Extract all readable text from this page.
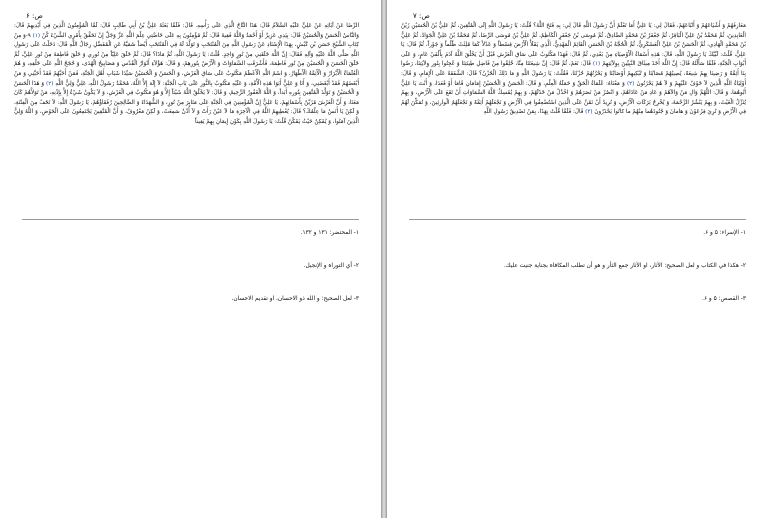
ص: ۶

الرِّضَا عَنْ آبَائِهِ عَنْ عَلِيٍّ عَلَيْهِ السَّلاَمُ قَالَ: هَذَا التَّاجُ الَّذِي عَلَى رَأْسِهِ. قَالَ: فَلَمَّا بَعَثَهُ عَلِيُّ بْنُ أَبِي طَالِبٍ قَالَ: لَمَّا الْمُؤْمِنُونَ الَّذِينَ فِي أَيْدِيهِمْ قَالَ: وَالنَّاسُ الْحَسَنُ وَالْحُسَيْنُ قَالَ: بِيَدِي عَزِيزٌ أَوْ أَحْمَدُ وَاللَّهُ فَقِيهٌ قَالَ: ثُمَّ مُؤْمِنُونَ بِهِ عَلَى خَاصَّتِي عِلْمَ اللَّهِ عَزَّ وَجَلَّ إِنْ تَحَقَّقْ بِأَمْرِي الشَّيْءَ كُنْ (۱) ۹-وَ مِنْ كِتَابِ الشَّيْخِ حَسَنِ بْنِ كَبْشٍ، بِهَذَا الْإِسْنَادِ عَنْ رَسُولِ اللَّهِ مِنَ الْمُنْتَخَبِ وَ تَوَلَّدَ لَهُ فِي الْمُنْتَخَبِ أَيْضاً سُمَيَّةُ عَنِ الْمُفَضَّلِ رِجَالُ اللَّهِ قَالَ: دَخَلْتُ عَلَى رَسُولِ اللَّهِ صَلَّى اللَّهُ عَلَيْهِ وَآلِهِ فَقَالَ: إِنَّ اللَّهَ خَلَقَنِي مِنْ نُورٍ وَاحِدٍ. قُلْتُ: يَا رَسُولَ اللَّهِ، ثُمَّ مَاذَا؟ قَالَ: ثُمَّ خَلَقَ عَلِيّاً مِنْ نُورِي وَ خَلَقَ فَاطِمَةَ مِنْ نُورِ عَلِيٍّ، ثُمَّ خَلَقَ الْحَسَنَ وَ الْحُسَيْنَ مِنْ نُورِ فَاطِمَةَ، فَأَشْرَقَتِ السَّمَاوَاتُ وَ الْأَرْضُ بِنُورِهِمْ، وَ قَالَ: هَؤُلاَءِ أَنْوَارُ الْقُدْسِ وَ مَصَابِيحُ الْهُدَى، وَ حُجَجُ اللَّهِ عَلَى خَلْقِهِ، وَ هُمُ الْعُلَمَاءُ الْأَبْرَارُ وَ الْأَئِمَّةُ الْأَطْهَارُ، وَ اسْمُ اللَّهِ الْأَعْظَمُ مَكْتُوبٌ عَلَى سَاقِ الْعَرْشِ، وَ الْحَسَنُ وَ الْحُسَيْنُ سَيِّدَا شَبَابِ أَهْلِ الْجَنَّةِ، فَمَنْ أَحَبَّهُمْ فَقَدْ أَحَبَّنِي وَ مَنْ أَبْغَضَهُمْ فَقَدْ أَبْغَضَنِي، وَ أَنَا وَ عَلِيٌّ أَبَوَا هَذِهِ الْأُمَّةِ، وَ عَلَيْهِ مَكْتُوبٌ بِالنُّورِ عَلَى بَابِ الْجَنَّةِ: لاَ إِلَهَ إِلاَّ اللَّهُ، مُحَمَّدٌ رَسُولُ اللَّهِ، عَلِيٌّ وَلِيُّ اللَّهِ (۲) وَ هَذَا الْحَسَنُ وَ الْحُسَيْنُ وَ تَوَلَّدَ الْمُتَّقِينَ بِنُورِهِ أَبَداً، وَ اللَّهُ الْغَفُورُ الرَّحِيمُ، وَ قَالَ: لاَ يَخْلُقُ اللَّهُ شَيْئاً إِلاَّ وَ هُوَ مَكْتُوبٌ فِي الْعَرْشِ، وَ لاَ يَكُونُ شَيْءٌ إِلاَّ بِإِذْنِهِ، مَنْ تَوَلاَّهُمْ كَانَ مَعَنَا، وَ أَنَّ الْعَرْشَ مُزَيَّنٌ بِأَسْمَائِهِمْ، يَا عَلِيُّ إِنَّ الْمُؤْمِنِينَ فِي الْجَنَّةِ عَلَى مَنَابِرَ مِنْ نُورٍ، وَ الشُّهَدَاءَ وَ الصَّالِحِينَ رُفَقَاؤُهُمْ، يَا رَسُولَ اللَّهِ: لاَ تَخَفْ مِنَ الْفِتْنَةِ، وَ لَكِنْ يَا أَنَسُ مَا عِلْمُكَ؟ قَالَ: يُعْطِيهِمُ اللَّهُ فِي الْآخِرَةِ مَا لاَ عَيْنٌ رَأَتْ وَ لاَ أُذُنٌ سَمِعَتْ، وَ لَكِنْ مَعْرُوفٌ، وَ أَنَّ الْمُتَّقِينَ يَجْتَمِعُونَ عَلَى الْحَوْضِ، وَ اللَّهُ وَلِيُّ الَّذِينَ آمَنُوا، وَ يُمْكِنُ حَيْثُ يَمْكُنُ قُلْتُ: يَا رَسُولَ اللَّهِ بِكَوْنِ إِيمَانِ بِهِمْ يَقِيناً

۱- المحتضر: ۱۳۱ و ۱۳۲.
۲- أي التوراة و الإنجيل.
۳- لعل الصحيح: و الله ذو الاحسان، او تقديم الاحسان.
ص: ۷

مَعَارِفَهُمْ وَ أَشْيَاعَهُمْ وَ أَتْبَاعَهُمْ، فَقَالَ لِي: يَا عَلِيُّ أَمَا تَعْلَمُ أَنَّ رَسُولَ اللَّهِ قَالَ لِي: بِهِ فَتَحَ اللَّهُ؟ قُلْتُ: يَا رَسُولَ اللَّهِ إِلَى الْمُتَّقِينَ، ثُمَّ عَلِيُّ بْنُ الْحُسَيْنِ زَيْنُ الْعَابِدِينَ، ثُمَّ مُحَمَّدُ بْنُ عَلِيٍّ الْبَاقِرُ، ثُمَّ جَعْفَرُ بْنُ مُحَمَّدٍ الصَّادِقُ، ثُمَّ مُوسَى بْنُ جَعْفَرٍ الْكَاظِمُ، ثُمَّ عَلِيُّ بْنُ مُوسَى الرِّضَا، ثُمَّ مُحَمَّدُ بْنُ عَلِيٍّ الْجَوَادُ، ثُمَّ عَلِيُّ بْنُ مُحَمَّدٍ الْهَادِي، ثُمَّ الْحَسَنُ بْنُ عَلِيٍّ الْعَسْكَرِيُّ، ثُمَّ الْحُجَّةُ بْنُ الْحَسَنِ الْقَائِمُ الْمَهْدِيُّ، الَّذِي يَمْلَأُ الْأَرْضَ قِسْطاً وَ عَدْلاً كَمَا مُلِئَتْ ظُلْماً وَ جَوْراً، ثُمَّ قَالَ: يَا عَلِيُّ، قُلْتُ: لَبَّيْكَ يَا رَسُولَ اللَّهِ، قَالَ: هَذِهِ أَسْمَاءُ الْأَوْصِيَاءِ مِنْ بَعْدِي، ثُمَّ قَالَ: فَهَذَا مَكْتُوبٌ عَلَى سَاقِ الْعَرْشِ قَبْلَ أَنْ يَخْلُقَ اللَّهُ آدَمَ بِأَلْفَيْ عَامٍ، وَ عَلَى أَبْوَابِ الْجَنَّةِ، فَلَمَّا سَأَلْتُهُ قَالَ: إِنَّ اللَّهَ أَخَذَ مِيثَاقَ النَّبِيِّينَ بِوِلاَيَتِهِمْ (۱) قَالَ: نَعَمْ، ثُمَّ قَالَ: إِنَّ شِيعَتَنَا مِنَّا، خُلِقُوا مِنْ فَاضِلِ طِينَتِنَا وَ عُجِنُوا بِنُورِ وِلاَيَتِنَا، رَضُوا بِنَا أَئِمَّةً وَ رَضِينَا بِهِمْ شِيعَةً، يُصِيبُهُمْ مُصَابُنَا وَ تُبْكِيهِمْ أَوْصَابُنَا وَ يَحْزُنُهُمْ حُزْنُنَا، فَقُلْتُ: يَا رَسُولَ اللَّهِ وَ مَا ذَلِكَ الْحُزْنُ؟ قَالَ: الشَّفَقَةُ عَلَى الْإِمَامِ، وَ قَالَ: أَوْلِيَاءُ اللَّهِ الَّذِينَ لاَ خَوْفٌ عَلَيْهِمْ وَ لاَ هُمْ يَحْزَنُونَ (۲) وَ مَعْنَاهُ: عُلَمَاءُ الْحَقِّ وَ حَمَلَةُ الْعِلْمِ، وَ قَالَ: الْحَسَنُ وَ الْحُسَيْنُ إِمَامَانِ قَامَا أَوْ قَعَدَا، وَ أَنْتَ يَا عَلِيُّ أَبُوهُمَا، وَ قَالَ: اللَّهُمَّ وَالِ مَنْ وَالاَهُمْ وَ عَادِ مَنْ عَادَاهُمْ، وَ انْصُرْ مَنْ نَصَرَهُمْ وَ اخْذُلْ مَنْ خَذَلَهُمْ، وَ بِهِمْ يُمْسِكُ اللَّهُ السَّمَاوَاتِ أَنْ تَقَعَ عَلَى الْأَرْضِ، وَ بِهِمْ يُنَزِّلُ الْغَيْثَ، وَ بِهِمْ يَنْشُرُ الرَّحْمَةَ، وَ يُخْرِجُ بَرَكَاتِ الْأَرْضِ، وَ نُرِيدُ أَنْ نَمُنَّ عَلَى الَّذِينَ اسْتُضْعِفُوا فِي الْأَرْضِ وَ نَجْعَلَهُمْ أَئِمَّةً وَ نَجْعَلَهُمُ الْوارِثِينَ، وَ نُمَكِّنَ لَهُمْ فِي الْأَرْضِ وَ نُرِيَ فِرْعَوْنَ وَ هامانَ وَ جُنُودَهُما مِنْهُمْ ما كانُوا يَحْذَرُونَ (۳) قَالَ: فَلَمَّا قُلْتُ بِهَذَا، بِمَنْ تَصْدِيقُ رَسُولِ اللَّهِ

۱- الإسراء: ۵ و ۶.
۲- هكذا في الكتاب و لعل الصحيح: الأثار، او الأثار جمع الثأر و هو أن تطلب المكافاة بجناية جنيت عليك.
۳- القصص: ۵ و ۶.
